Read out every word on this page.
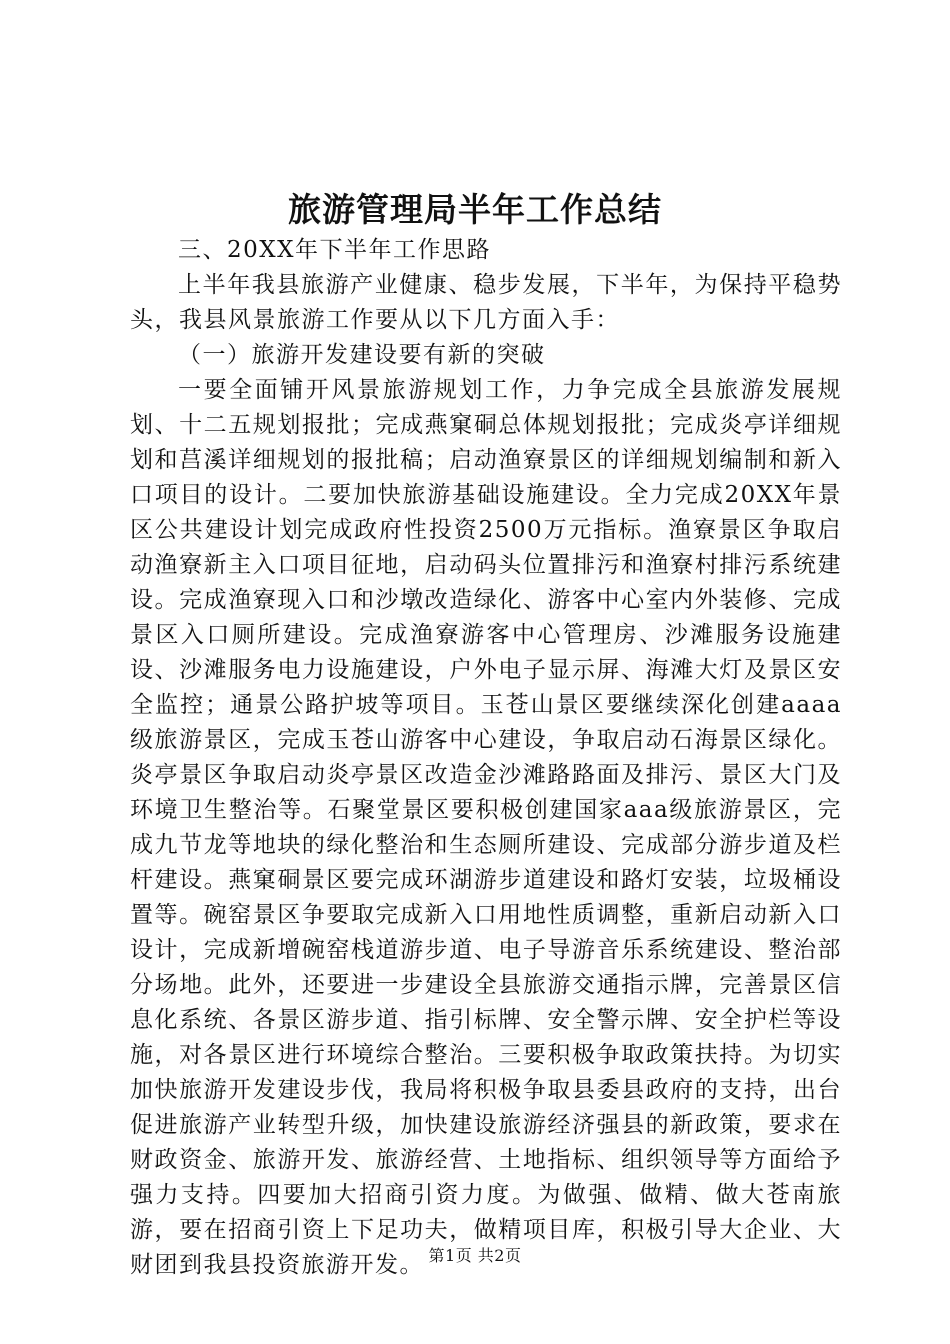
旅游管理局半年工作总结

三、20XX年下半年工作思路

上半年我县旅游产业健康、稳步发展，下半年，为保持平稳势头，我县风景旅游工作要从以下几方面入手：

（一）旅游开发建设要有新的突破

一要全面铺开风景旅游规划工作，力争完成全县旅游发展规划、十二五规划报批；完成燕窠硐总体规划报批；完成炎亭详细规划和莒溪详细规划的报批稿；启动渔寮景区的详细规划编制和新入口项目的设计。二要加快旅游基础设施建设。全力完成20XX年景区公共建设计划完成政府性投资2500万元指标。渔寮景区争取启动渔寮新主入口项目征地，启动码头位置排污和渔寮村排污系统建设。完成渔寮现入口和沙墩改造绿化、游客中心室内外装修、完成景区入口厕所建设。完成渔寮游客中心管理房、沙滩服务设施建设、沙滩服务电力设施建设，户外电子显示屏、海滩大灯及景区安全监控；通景公路护坡等项目。玉苍山景区要继续深化创建aaaa级旅游景区，完成玉苍山游客中心建设，争取启动石海景区绿化。炎亭景区争取启动炎亭景区改造金沙滩路路面及排污、景区大门及环境卫生整治等。石聚堂景区要积极创建国家aaa级旅游景区，完成九节龙等地块的绿化整治和生态厕所建设、完成部分游步道及栏杆建设。燕窠硐景区要完成环湖游步道建设和路灯安装，垃圾桶设置等。碗窑景区争要取完成新入口用地性质调整，重新启动新入口设计，完成新增碗窑栈道游步道、电子导游音乐系统建设、整治部分场地。此外，还要进一步建设全县旅游交通指示牌，完善景区信息化系统、各景区游步道、指引标牌、安全警示牌、安全护栏等设施，对各景区进行环境综合整治。三要积极争取政策扶持。为切实加快旅游开发建设步伐，我局将积极争取县委县政府的支持，出台促进旅游产业转型升级，加快建设旅游经济强县的新政策，要求在财政资金、旅游开发、旅游经营、土地指标、组织领导等方面给予强力支持。四要加大招商引资力度。为做强、做精、做大苍南旅游，要在招商引资上下足功夫，做精项目库，积极引导大企业、大财团到我县投资旅游开发。 第1页 共2页
